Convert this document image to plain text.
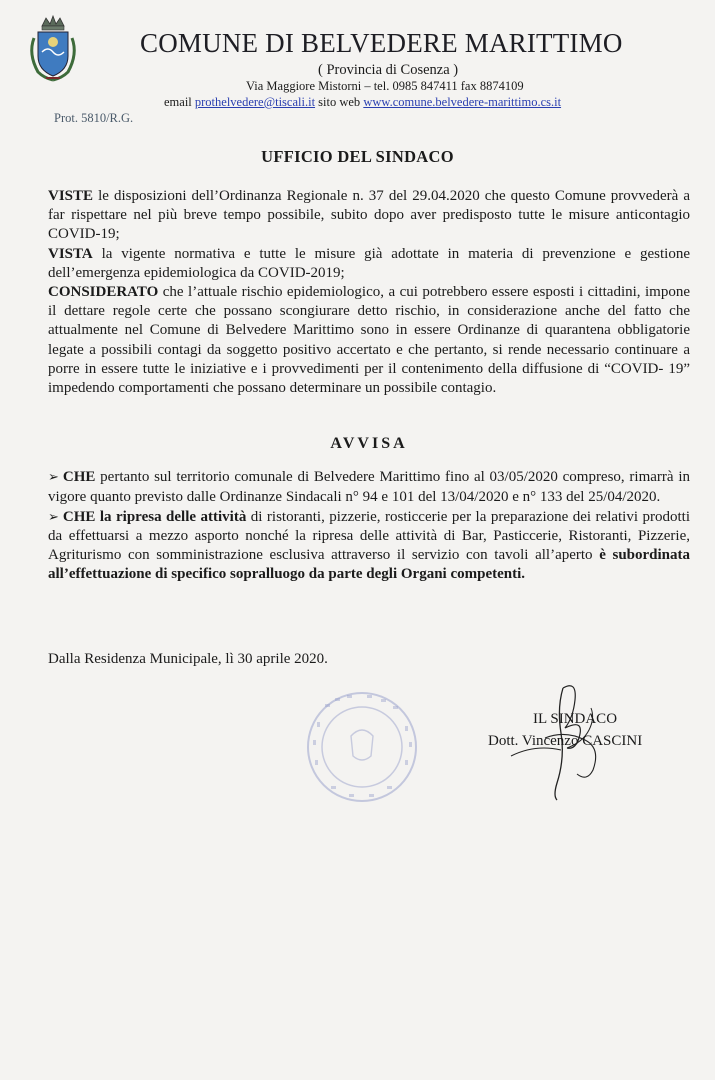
COMUNE DI BELVEDERE MARITTIMO
( Provincia di Cosenza )
Via Maggiore Mistorni – tel. 0985 847411 fax 8874109
email prothelvedere@tiscali.it sito web www.comune.belvedere-marittimo.cs.it
Prot. 5810/R.G.
UFFICIO DEL SINDACO

VISTE le disposizioni dell’Ordinanza Regionale n. 37 del 29.04.2020 che questo Comune provvederà a far rispettare nel più breve tempo possibile, subito dopo aver predisposto tutte le misure anticontagio COVID-19;

VISTA la vigente normativa e tutte le misure già adottate in materia di prevenzione e gestione dell’emergenza epidemiologica da COVID-2019;

CONSIDERATO che l’attuale rischio epidemiologico, a cui potrebbero essere esposti i cittadini, impone il dettare regole certe che possano scongiurare detto rischio, in considerazione anche del fatto che attualmente nel Comune di Belvedere Marittimo sono in essere Ordinanze di quarantena obbligatorie legate a possibili contagi da soggetto positivo accertato e che pertanto, si rende necessario continuare a porre in essere tutte le iniziative e i provvedimenti per il contenimento della diffusione di “COVID- 19” impedendo comportamenti che possano determinare un possibile contagio.

AVVISA

➢ CHE pertanto sul territorio comunale di Belvedere Marittimo fino al 03/05/2020 compreso, rimarrà in vigore quanto previsto dalle Ordinanze Sindacali n° 94 e 101 del 13/04/2020 e n° 133 del 25/04/2020.

➢ CHE la ripresa delle attività di ristoranti, pizzerie, rosticcerie per la preparazione dei relativi prodotti da effettuarsi a mezzo asporto nonché la ripresa delle attività di Bar, Pasticcerie, Ristoranti, Pizzerie, Agriturismo con somministrazione esclusiva attraverso il servizio con tavoli all’aperto è subordinata all’effettuazione di specifico sopralluogo da parte degli Organi competenti.

Dalla Residenza Municipale, lì 30 aprile 2020.
IL SINDACO
Dott. Vincenzo CASCINI
